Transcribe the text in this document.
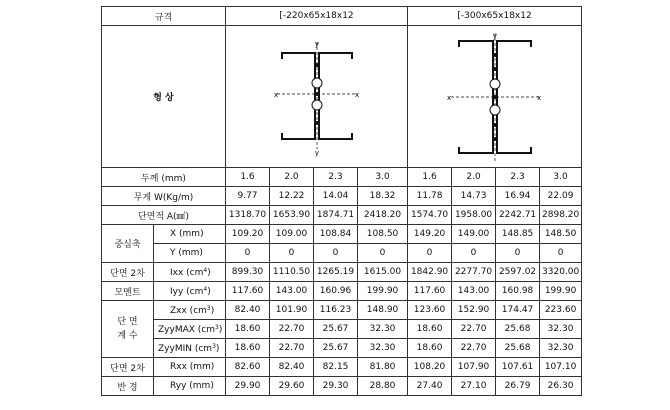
규격		[-220x65x18x12				[-300x65x18x12			
형 상		y
y
x x				y
x x			

두께 (mm)		1.6	2.0	2.3	3.0	1.6	2.0	2.3	3.0
무게 W(Kg/m)		9.77	12.22	14.04	18.32	11.78	14.73	16.94	22.09
단면적 A(㎟)		1318.70	1653.90	1874.71	2418.20	1574.70	1958.00	2242.71	2898.20
중심축	X (mm)	109.20	109.00	108.84	108.50	149.20	149.00	148.85	148.50
	Y (mm)	0	0	0	0	0	0	0	0
단면 2차	Ixx $(cm^4)$	899.30	1110.50	1265.19	1615.00	1842.90	2277.70	2597.02	3320.00
모멘트	Iyy $(cm^4)$	117.60	143.00	160.96	199.90	117.60	143.00	160.98	199.90

단 면
계 수	Zxx $(cm^3)$	82.40	101.90	116.23	148.90	123.60	152.90	174.47	223.60
	ZyyMAX $(cm^3)$	18.60	22.70	25.67	32.30	18.60	22.70	25.68	32.30
	ZyyMIN $(cm^3)$	18.60	22.70	25.67	32.30	18.60	22.70	25.68	32.30
단면 2차	Rxx (mm)	82.60	82.40	82.15	81.80	108.20	107.90	107.61	107.10
반 경	Ryy (mm)	29.90	29.60	29.30	28.80	27.40	27.10	26.79	26.30
